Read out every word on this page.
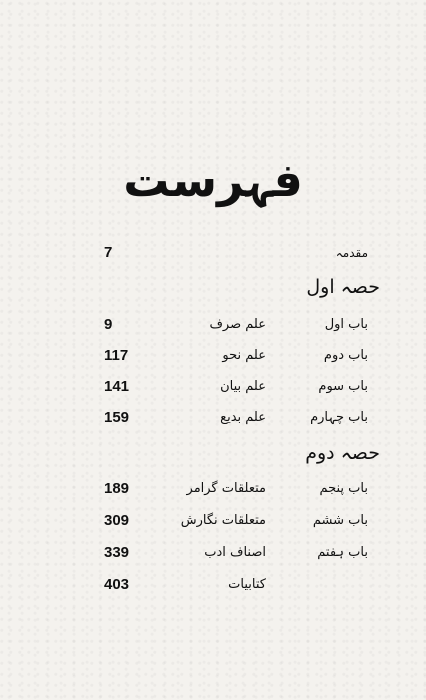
فہرست
مقدمہ
7
حصہ اول
باب اول
علم صرف
9
باب دوم
علم نحو
117
باب سوم
علم بیان
141
باب چہارم
علم بدیع
159
حصہ دوم
باب پنجم
متعلقات گرامر
189
باب ششم
متعلقات نگارش
309
باب ہفتم
اصناف ادب
339
کتابیات
403
